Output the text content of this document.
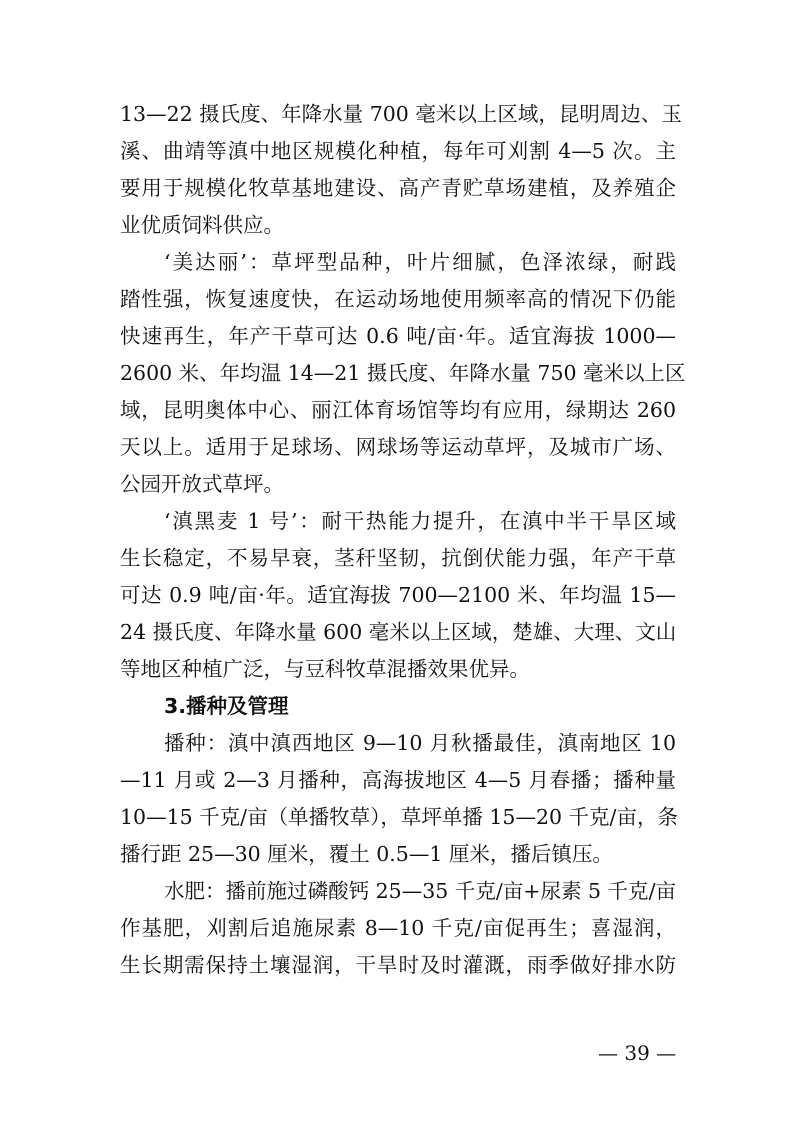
13—22 摄氏度、年降水量 700 毫米以上区域，昆明周边、玉
溪、曲靖等滇中地区规模化种植，每年可刈割 4—5 次。主
要用于规模化牧草基地建设、高产青贮草场建植，及养殖企
业优质饲料供应。
‘美达丽’：草坪型品种，叶片细腻，色泽浓绿，耐践
踏性强，恢复速度快，在运动场地使用频率高的情况下仍能
快速再生，年产干草可达 0.6 吨/亩·年。适宜海拔 1000—
2600 米、年均温 14—21 摄氏度、年降水量 750 毫米以上区
域，昆明奥体中心、丽江体育场馆等均有应用，绿期达 260
天以上。适用于足球场、网球场等运动草坪，及城市广场、
公园开放式草坪。
‘滇黑麦 1 号’：耐干热能力提升，在滇中半干旱区域
生长稳定，不易早衰，茎秆坚韧，抗倒伏能力强，年产干草
可达 0.9 吨/亩·年。适宜海拔 700—2100 米、年均温 15—
24 摄氏度、年降水量 600 毫米以上区域，楚雄、大理、文山
等地区种植广泛，与豆科牧草混播效果优异。
3.播种及管理
播种：滇中滇西地区 9—10 月秋播最佳，滇南地区 10
—11 月或 2—3 月播种，高海拔地区 4—5 月春播；播种量
10—15 千克/亩（单播牧草），草坪单播 15—20 千克/亩，条
播行距 25—30 厘米，覆土 0.5—1 厘米，播后镇压。
水肥：播前施过磷酸钙 25—35 千克/亩+尿素 5 千克/亩
作基肥，刈割后追施尿素 8—10 千克/亩促再生；喜湿润，
生长期需保持土壤湿润，干旱时及时灌溉，雨季做好排水防
— 39 —
